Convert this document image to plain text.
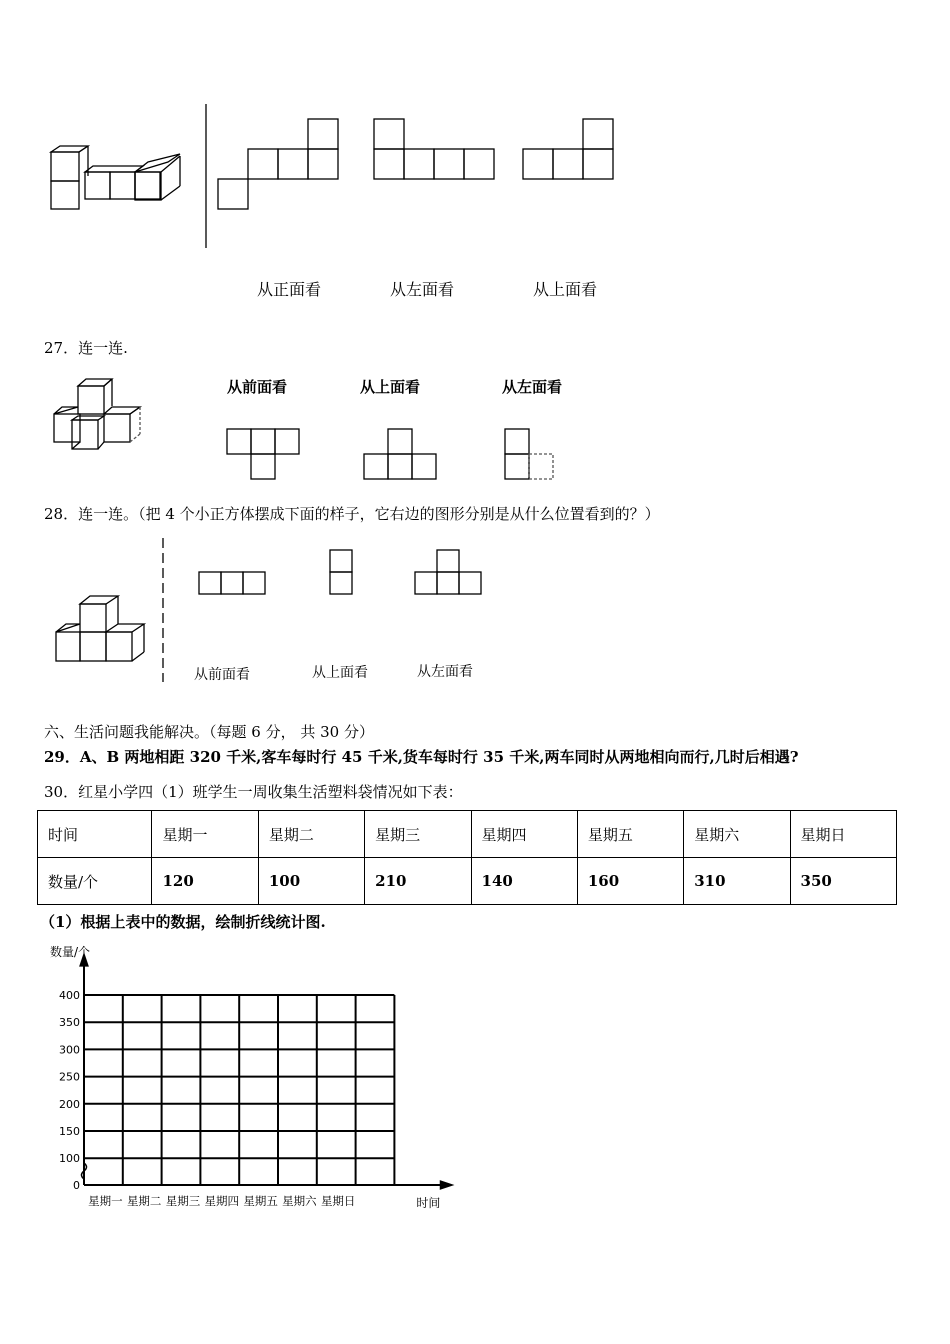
从正面看	从左面看	从上面看
27．连一连.
从前面看	从上面看	从左面看
28．连一连。（把 4 个小正方体摆成下面的样子，它右边的图形分别是从什么位置看到的？）
从前面看	从上面看	从左面看
六、生活问题我能解决。（每题 6 分， 共 30 分）
29．A、B 两地相距 320 千米,客车每时行 45 千米,货车每时行 35 千米,两车同时从两地相向而行,几时后相遇?
30．红星小学四（1）班学生一周收集生活塑料袋情况如下表：
时间	星期一	星期二	星期三	星期四	星期五	星期六	星期日
数量/个	120	100	210	140	160	310	350
（1）根据上表中的数据，绘制折线统计图.
0
100
150
200
250
300
350
400
星期一 星期二 星期三 星期四 星期五 星期六 星期日
数量/个
时间
